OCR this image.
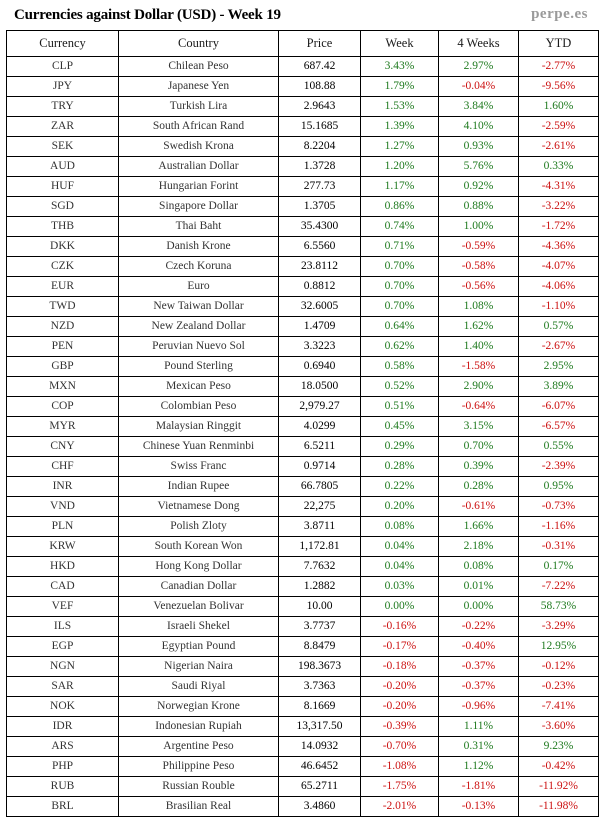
Currencies against Dollar (USD) - Week 19	perpe.es
Currency	Country	Price	Week	4 Weeks	YTD
CLP	Chilean Peso	687.42	3.43%	2.97%	-2.77%
JPY	Japanese Yen	108.88	1.79%	-0.04%	-9.56%
TRY	Turkish Lira	2.9643	1.53%	3.84%	1.60%
ZAR	South African Rand	15.1685	1.39%	4.10%	-2.59%
SEK	Swedish Krona	8.2204	1.27%	0.93%	-2.61%
AUD	Australian Dollar	1.3728	1.20%	5.76%	0.33%
HUF	Hungarian Forint	277.73	1.17%	0.92%	-4.31%
SGD	Singapore Dollar	1.3705	0.86%	0.88%	-3.22%
THB	Thai Baht	35.4300	0.74%	1.00%	-1.72%
DKK	Danish Krone	6.5560	0.71%	-0.59%	-4.36%
CZK	Czech Koruna	23.8112	0.70%	-0.58%	-4.07%
EUR	Euro	0.8812	0.70%	-0.56%	-4.06%
TWD	New Taiwan Dollar	32.6005	0.70%	1.08%	-1.10%
NZD	New Zealand Dollar	1.4709	0.64%	1.62%	0.57%
PEN	Peruvian Nuevo Sol	3.3223	0.62%	1.40%	-2.67%
GBP	Pound Sterling	0.6940	0.58%	-1.58%	2.95%
MXN	Mexican Peso	18.0500	0.52%	2.90%	3.89%
COP	Colombian Peso	2,979.27	0.51%	-0.64%	-6.07%
MYR	Malaysian Ringgit	4.0299	0.45%	3.15%	-6.57%
CNY	Chinese Yuan Renminbi	6.5211	0.29%	0.70%	0.55%
CHF	Swiss Franc	0.9714	0.28%	0.39%	-2.39%
INR	Indian Rupee	66.7805	0.22%	0.28%	0.95%
VND	Vietnamese Dong	22,275	0.20%	-0.61%	-0.73%
PLN	Polish Zloty	3.8711	0.08%	1.66%	-1.16%
KRW	South Korean Won	1,172.81	0.04%	2.18%	-0.31%
HKD	Hong Kong Dollar	7.7632	0.04%	0.08%	0.17%
CAD	Canadian Dollar	1.2882	0.03%	0.01%	-7.22%
VEF	Venezuelan Bolivar	10.00	0.00%	0.00%	58.73%
ILS	Israeli Shekel	3.7737	-0.16%	-0.22%	-3.29%
EGP	Egyptian Pound	8.8479	-0.17%	-0.40%	12.95%
NGN	Nigerian Naira	198.3673	-0.18%	-0.37%	-0.12%
SAR	Saudi Riyal	3.7363	-0.20%	-0.37%	-0.23%
NOK	Norwegian Krone	8.1669	-0.20%	-0.96%	-7.41%
IDR	Indonesian Rupiah	13,317.50	-0.39%	1.11%	-3.60%
ARS	Argentine Peso	14.0932	-0.70%	0.31%	9.23%
PHP	Philippine Peso	46.6452	-1.08%	1.12%	-0.42%
RUB	Russian Rouble	65.2711	-1.75%	-1.81%	-11.92%
BRL	Brasilian Real	3.4860	-2.01%	-0.13%	-11.98%
